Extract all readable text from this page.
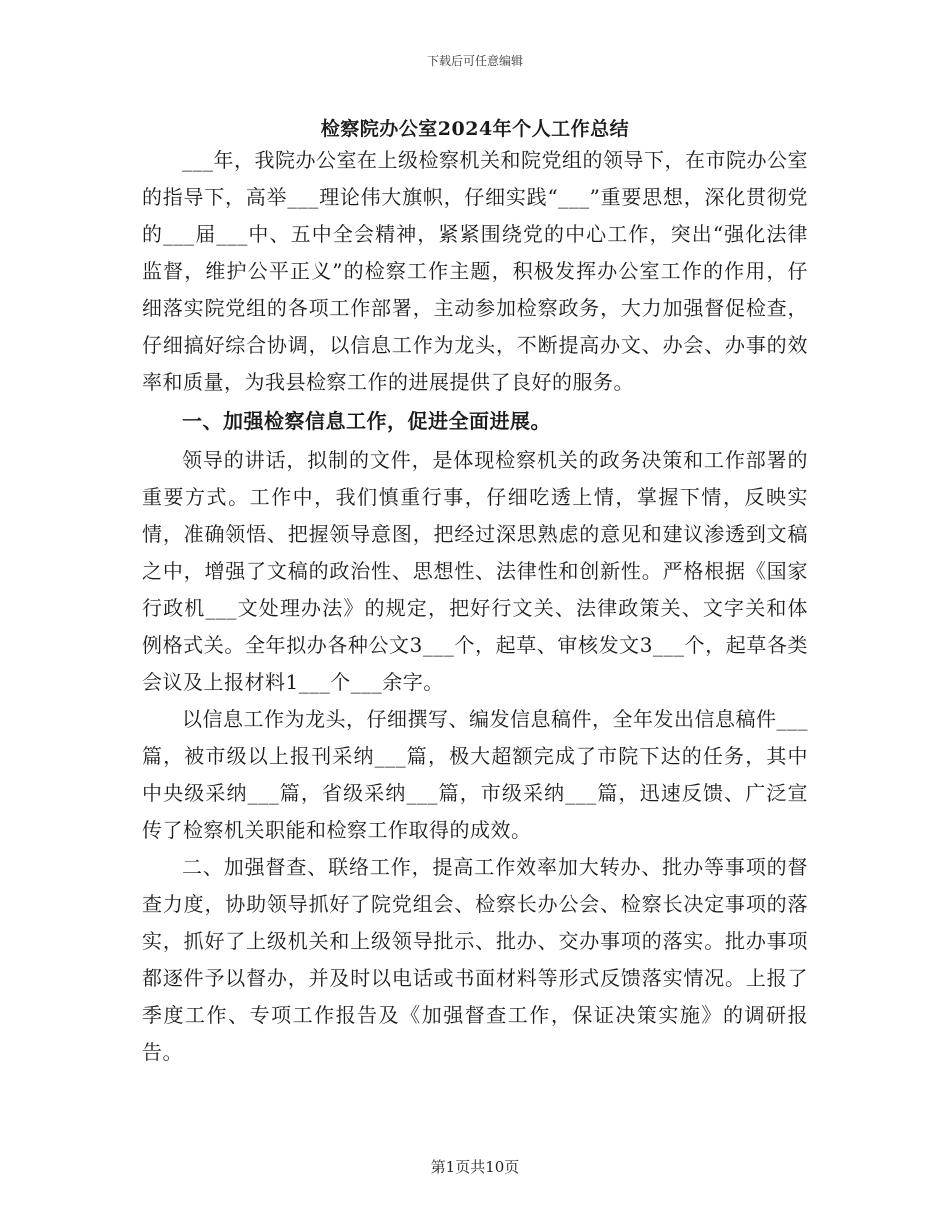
下载后可任意编辑
检察院办公室2024年个人工作总结

___年，我院办公室在上级检察机关和院党组的领导下，在市院办公室的指导下，高举___理论伟大旗帜，仔细实践“___”重要思想，深化贯彻党的___届___中、五中全会精神，紧紧围绕党的中心工作，突出“强化法律监督，维护公平正义”的检察工作主题，积极发挥办公室工作的作用，仔细落实院党组的各项工作部署，主动参加检察政务，大力加强督促检查，仔细搞好综合协调，以信息工作为龙头，不断提高办文、办会、办事的效率和质量，为我县检察工作的进展提供了良好的服务。

一、加强检察信息工作，促进全面进展。

领导的讲话，拟制的文件，是体现检察机关的政务决策和工作部署的重要方式。工作中，我们慎重行事，仔细吃透上情，掌握下情，反映实情，准确领悟、把握领导意图，把经过深思熟虑的意见和建议渗透到文稿之中，增强了文稿的政治性、思想性、法律性和创新性。严格根据《国家行政机___文处理办法》的规定，把好行文关、法律政策关、文字关和体例格式关。全年拟办各种公文3___个，起草、审核发文3___个，起草各类会议及上报材料1___个___余字。

以信息工作为龙头，仔细撰写、编发信息稿件，全年发出信息稿件___篇，被市级以上报刊采纳___篇，极大超额完成了市院下达的任务，其中中央级采纳___篇，省级采纳___篇，市级采纳___篇，迅速反馈、广泛宣传了检察机关职能和检察工作取得的成效。

二、加强督查、联络工作，提高工作效率加大转办、批办等事项的督查力度，协助领导抓好了院党组会、检察长办公会、检察长决定事项的落实，抓好了上级机关和上级领导批示、批办、交办事项的落实。批办事项都逐件予以督办，并及时以电话或书面材料等形式反馈落实情况。上报了季度工作、专项工作报告及《加强督查工作，保证决策实施》的调研报告。

第1页共10页
